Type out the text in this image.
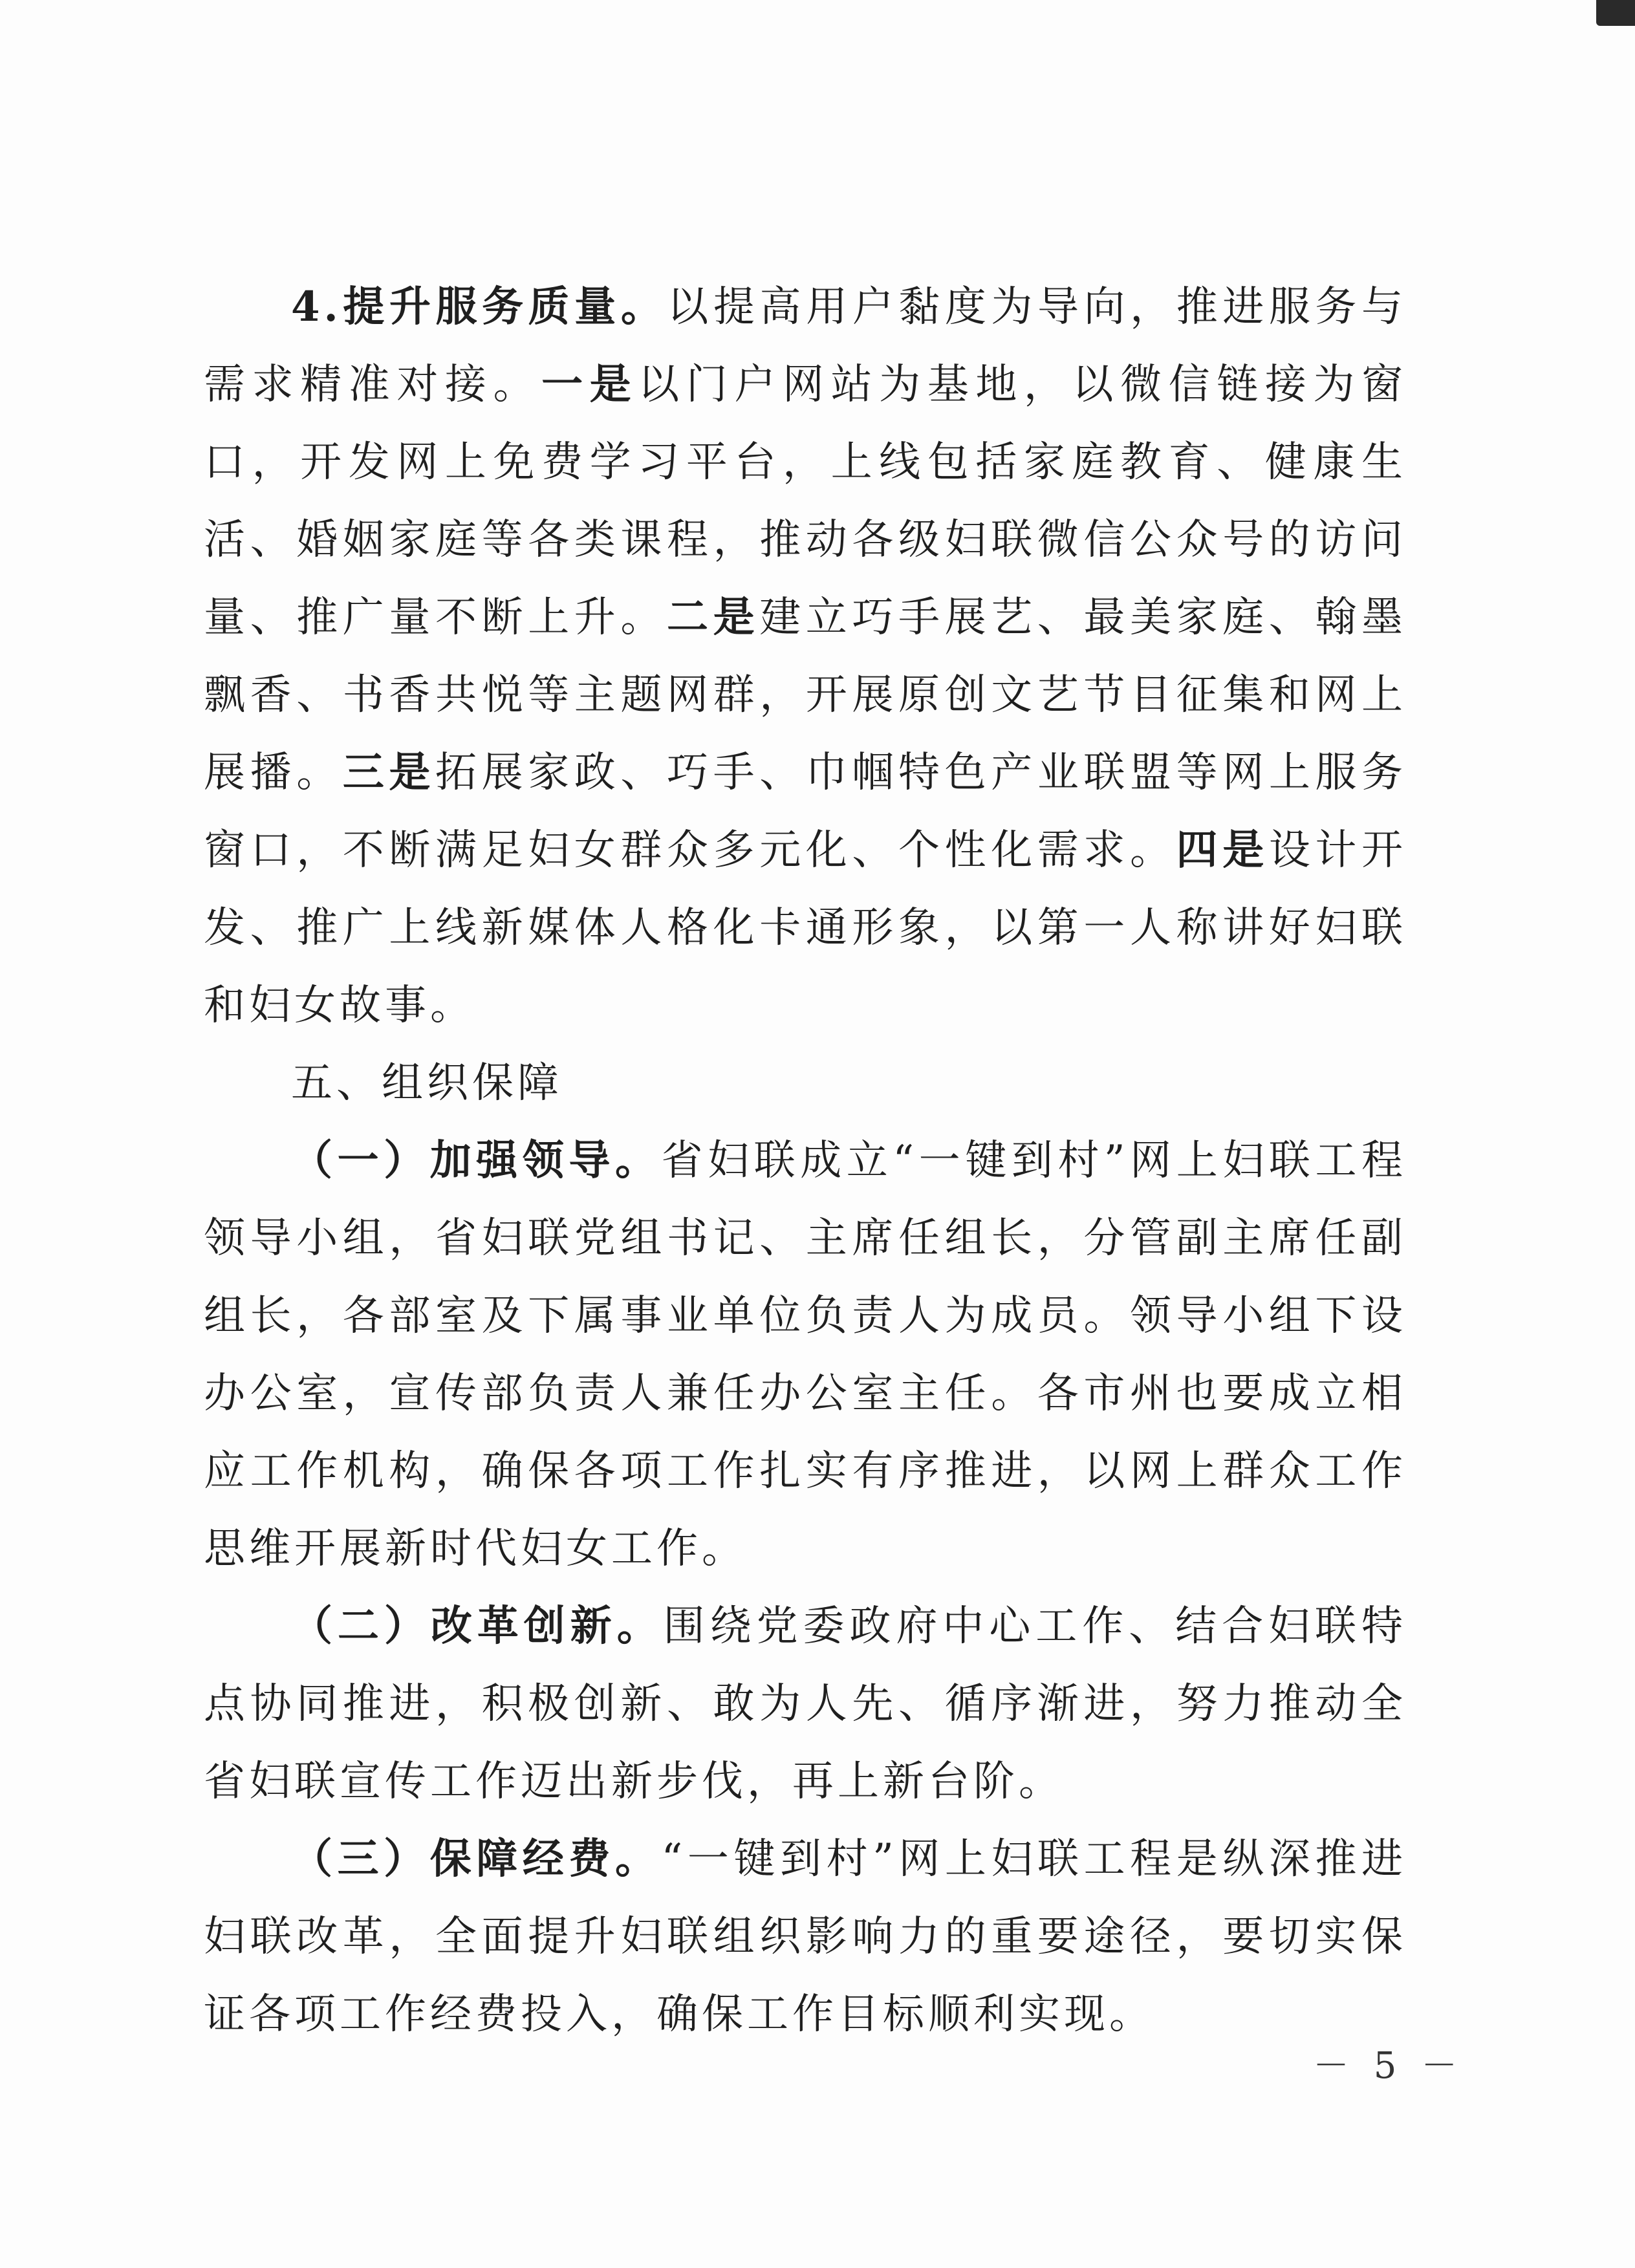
4.提升服务质量。以提高用户黏度为导向，推进服务与需求精准对接。一是以门户网站为基地，以微信链接为窗口，开发网上免费学习平台，上线包括家庭教育、健康生活、婚姻家庭等各类课程，推动各级妇联微信公众号的访问量、推广量不断上升。二是建立巧手展艺、最美家庭、翰墨飘香、书香共悦等主题网群，开展原创文艺节目征集和网上展播。三是拓展家政、巧手、巾帼特色产业联盟等网上服务窗口，不断满足妇女群众多元化、个性化需求。四是设计开发、推广上线新媒体人格化卡通形象，以第一人称讲好妇联和妇女故事。

五、组织保障

（一）加强领导。省妇联成立“一键到村”网上妇联工程领导小组，省妇联党组书记、主席任组长，分管副主席任副组长，各部室及下属事业单位负责人为成员。领导小组下设办公室，宣传部负责人兼任办公室主任。各市州也要成立相应工作机构，确保各项工作扎实有序推进，以网上群众工作思维开展新时代妇女工作。

（二）改革创新。围绕党委政府中心工作、结合妇联特点协同推进，积极创新、敢为人先、循序渐进，努力推动全省妇联宣传工作迈出新步伐，再上新台阶。

（三）保障经费。“一键到村”网上妇联工程是纵深推进妇联改革，全面提升妇联组织影响力的重要途径，要切实保证各项工作经费投入，确保工作目标顺利实现。

－ 5 －
